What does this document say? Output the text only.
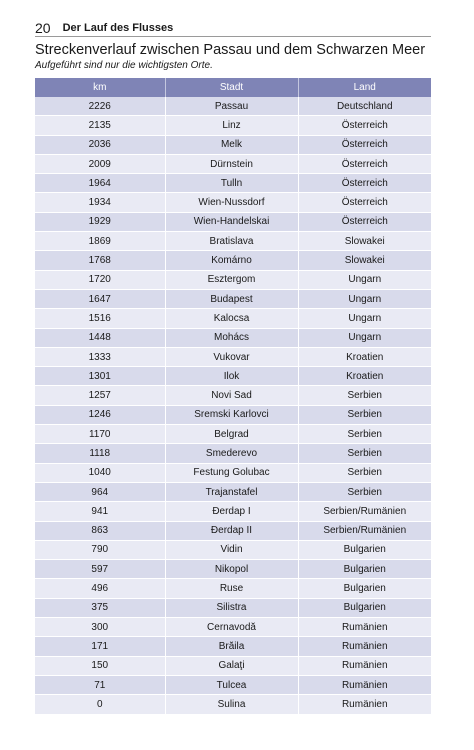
20 Der Lauf des Flusses
Streckenverlauf zwischen Passau und dem Schwarzen Meer
Aufgeführt sind nur die wichtigsten Orte.
km	Stadt	Land
2226	Passau	Deutschland
2135	Linz	Österreich
2036	Melk	Österreich
2009	Dürnstein	Österreich
1964	Tulln	Österreich
1934	Wien-Nussdorf	Österreich
1929	Wien-Handelskai	Österreich
1869	Bratislava	Slowakei
1768	Komárno	Slowakei
1720	Esztergom	Ungarn
1647	Budapest	Ungarn
1516	Kalocsa	Ungarn
1448	Mohács	Ungarn
1333	Vukovar	Kroatien
1301	Ilok	Kroatien
1257	Novi Sad	Serbien
1246	Sremski Karlovci	Serbien
1170	Belgrad	Serbien
1118	Smederevo	Serbien
1040	Festung Golubac	Serbien
964	Trajanstafel	Serbien
941	Đerdap I	Serbien/Rumänien
863	Đerdap II	Serbien/Rumänien
790	Vidin	Bulgarien
597	Nikopol	Bulgarien
496	Ruse	Bulgarien
375	Silistra	Bulgarien
300	Cernavodă	Rumänien
171	Brăila	Rumänien
150	Galaţi	Rumänien
71	Tulcea	Rumänien
0	Sulina	Rumänien
